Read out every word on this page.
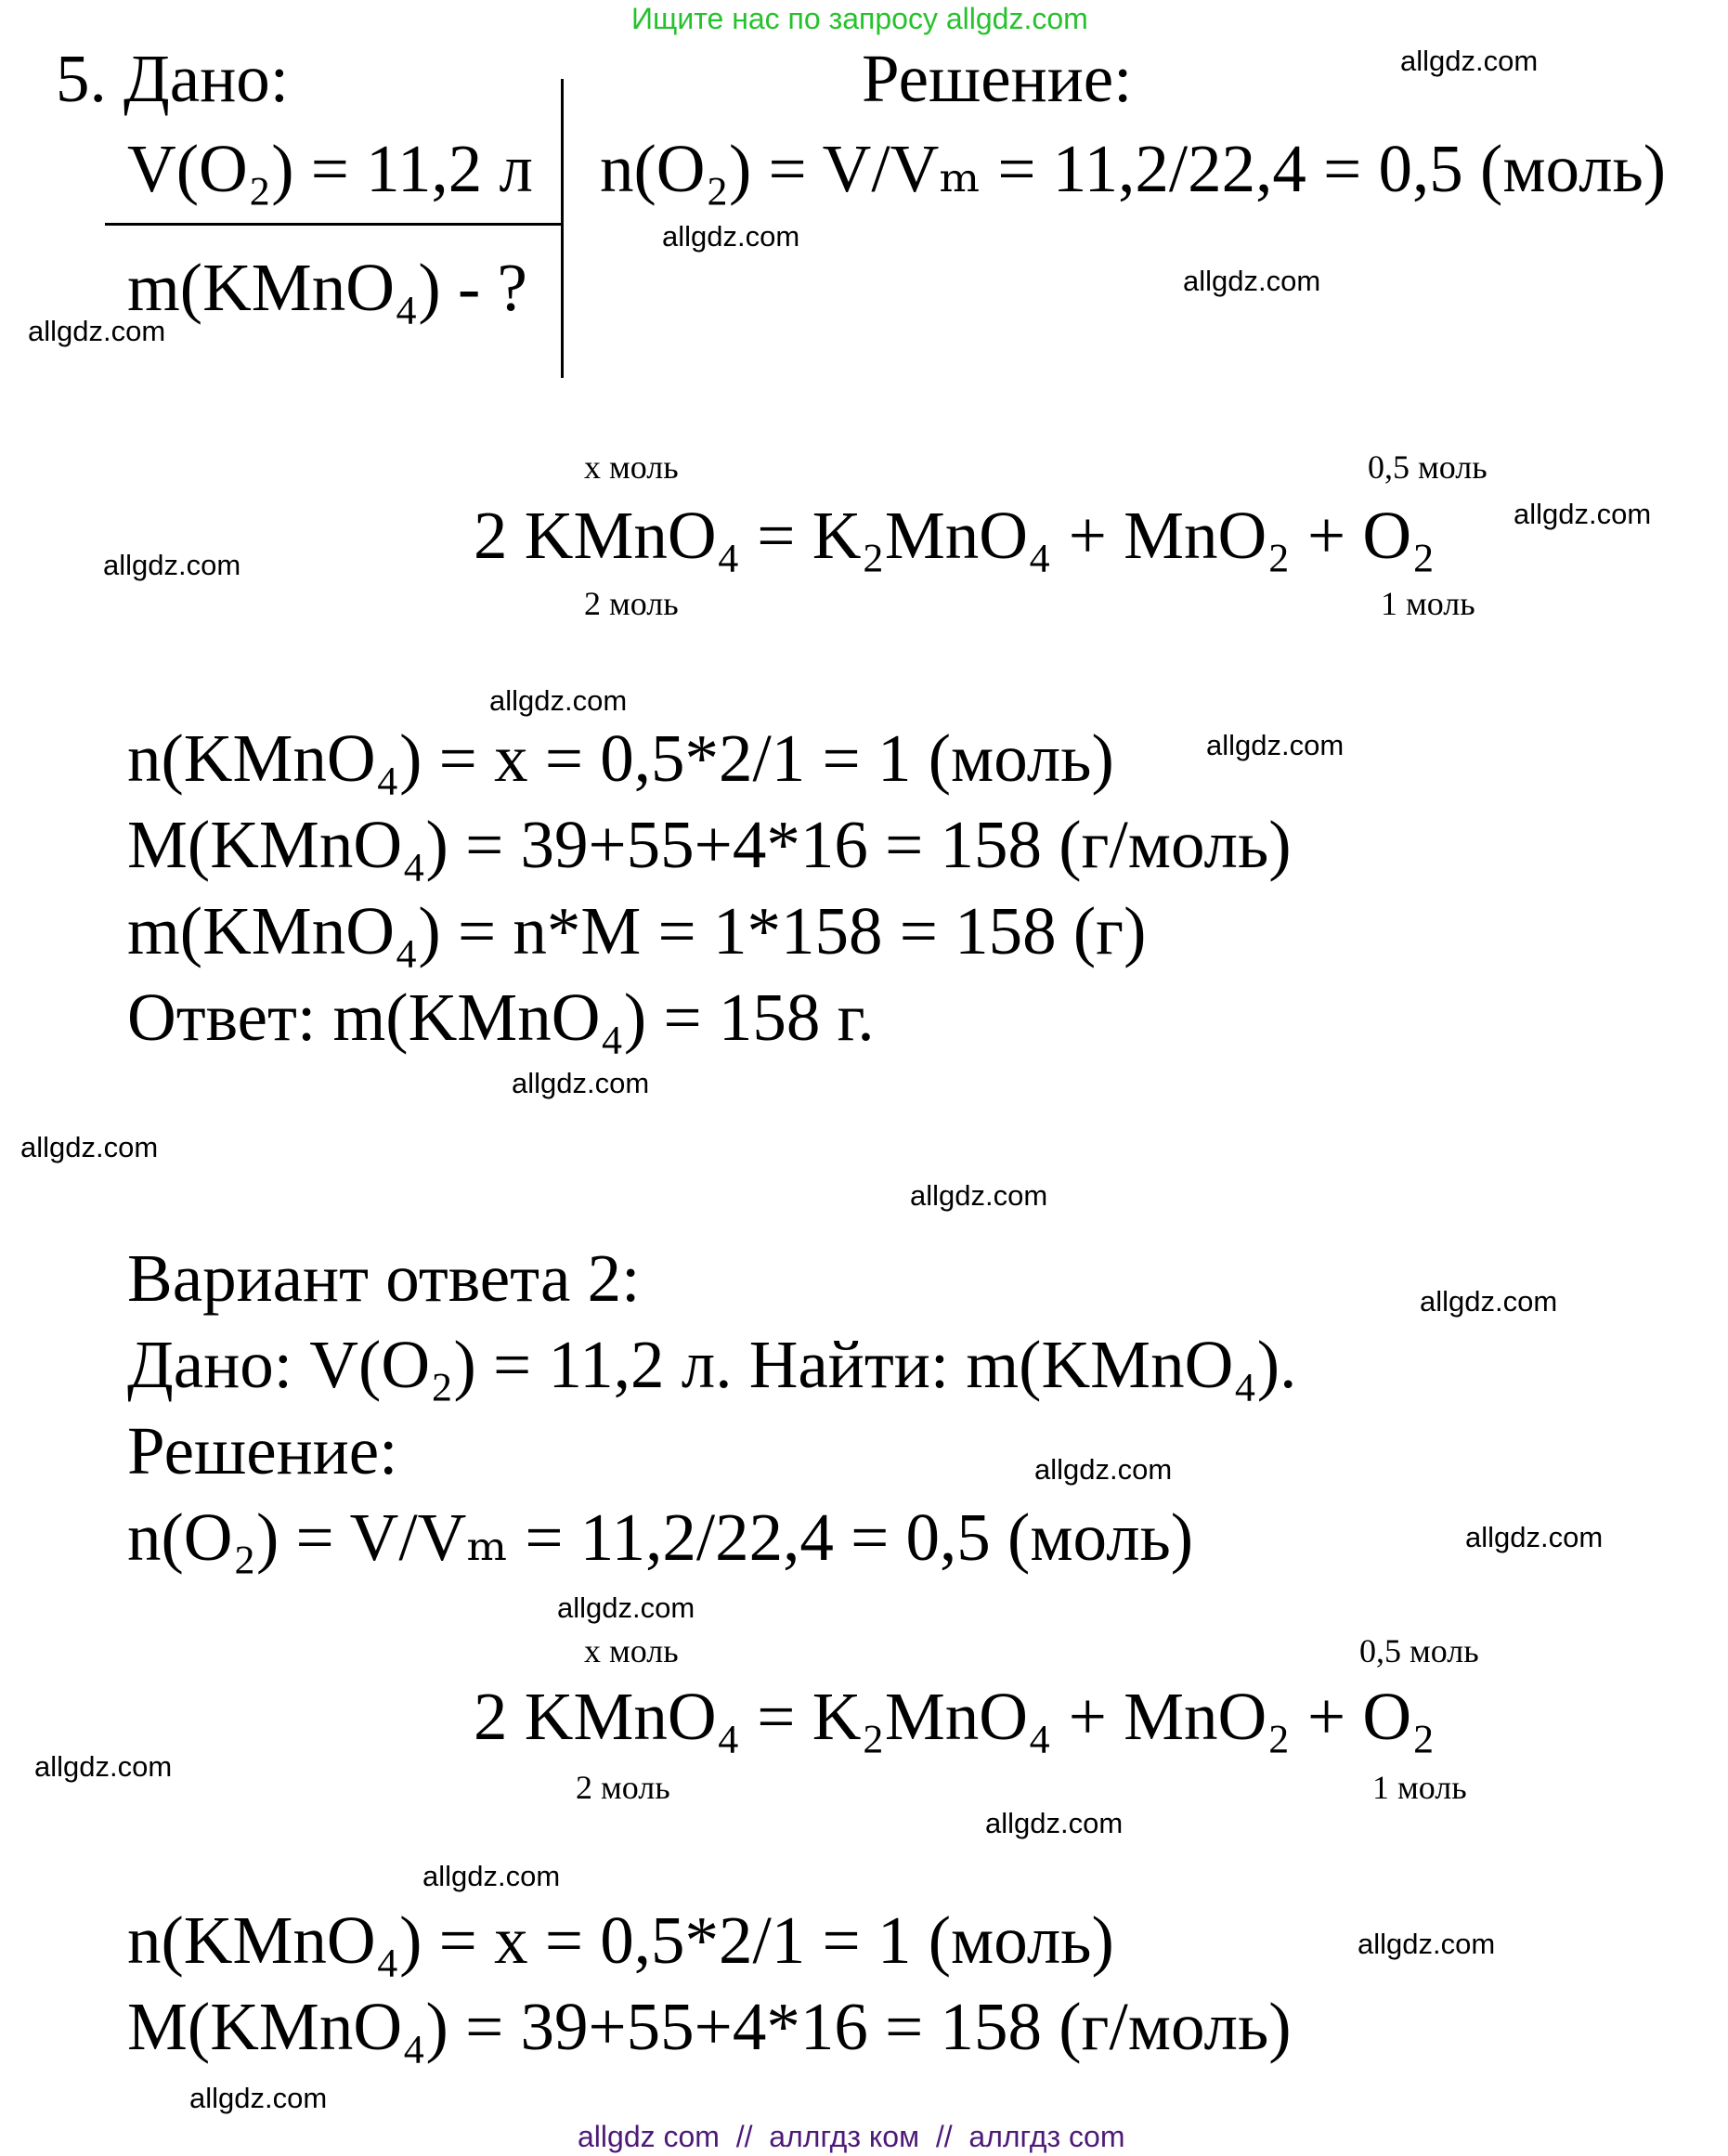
Ищите нас по запросу allgdz.com
5. Дано:	Решение:
V(O₂) = 11,2 л
m(KMnO₄) - ?
n(O₂) = V/Vₘ = 11,2/22,4 = 0,5 (моль)
x моль	0,5 моль
2 KMnO₄ = K₂MnO₄ + MnO₂ + O₂
2 моль	1 моль
n(KMnO₄) = x = 0,5*2/1 = 1 (моль)
M(KMnO₄) = 39+55+4*16 = 158 (г/моль)
m(KMnO₄) = n*M = 1*158 = 158 (г)
Ответ: m(KMnO₄) = 158 г.
Вариант ответа 2:
Дано: V(O₂) = 11,2 л. Найти: m(KMnO₄).
Решение:
n(O₂) = V/Vₘ = 11,2/22,4 = 0,5 (моль)
x моль	0,5 моль
2 KMnO₄ = K₂MnO₄ + MnO₂ + O₂
2 моль	1 моль
n(KMnO₄) = x = 0,5*2/1 = 1 (моль)
M(KMnO₄) = 39+55+4*16 = 158 (г/моль)
allgdz.com
allgdz.com
allgdz.com
allgdz.com
allgdz.com
allgdz.com
allgdz.com
allgdz.com
allgdz.com
allgdz.com
allgdz.com
allgdz.com
allgdz.com
allgdz.com
allgdz.com
allgdz.com
allgdz.com
allgdz.com
allgdz.com
allgdz.com
allgdz com  //  аллгдз ком  //  аллгдз com
